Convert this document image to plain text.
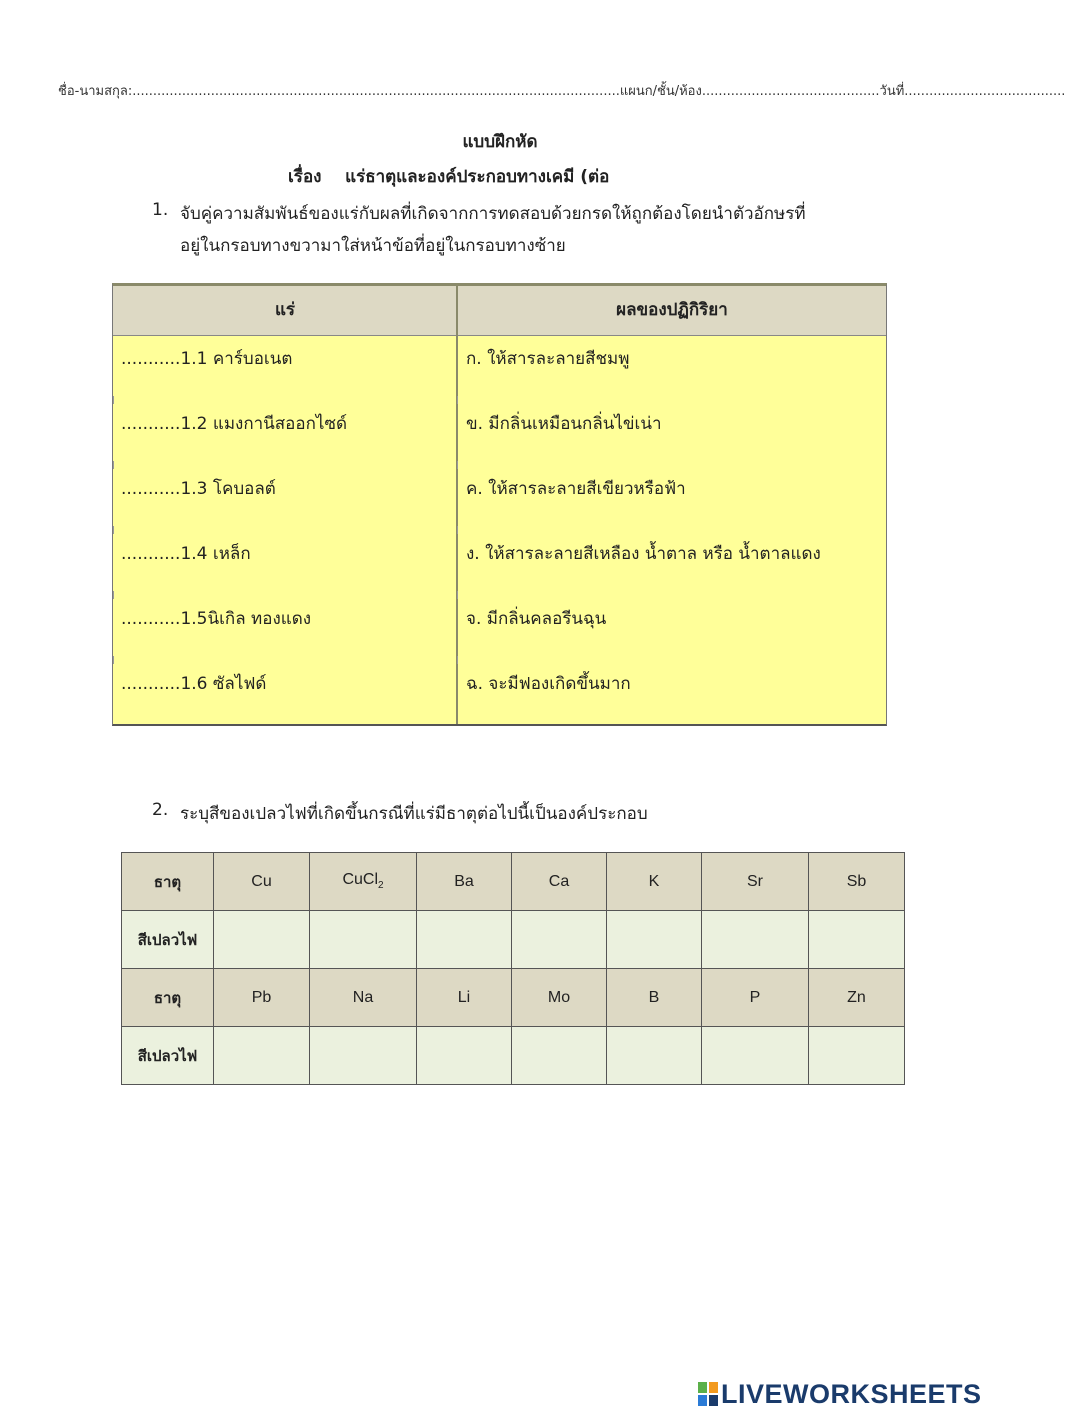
ชื่อ-นามสกุล:......................................................................................................................แผนก/ชั้น/ห้อง...........................................วันที่.......................................
แบบฝึกหัด
เรื่อง    แร่ธาตุและองค์ประกอบทางเคมี (ต่อ
1. จับคู่ความสัมพันธ์ของแร่กับผลที่เกิดจากการทดสอบด้วยกรดให้ถูกต้องโดยนำตัวอักษรที่
อยู่ในกรอบทางขวามาใส่หน้าข้อที่อยู่ในกรอบทางซ้าย
แร่	ผลของปฏิกิริยา
...........1.1 คาร์บอเนต	ก. ให้สารละลายสีชมพู
...........1.2 แมงกานีสออกไซด์	ข. มีกลิ่นเหมือนกลิ่นไข่เน่า
...........1.3 โคบอลต์	ค. ให้สารละลายสีเขียวหรือฟ้า
...........1.4 เหล็ก	ง. ให้สารละลายสีเหลือง น้ำตาล หรือ น้ำตาลแดง
...........1.5นิเกิล ทองแดง	จ. มีกลิ่นคลอรีนฉุน
...........1.6 ซัลไฟด์	ฉ. จะมีฟองเกิดขึ้นมาก
2. ระบุสีของเปลวไฟที่เกิดขึ้นกรณีที่แร่มีธาตุต่อไปนี้เป็นองค์ประกอบ
ธาตุ	Cu	CuCl$_2$	Ba	Ca	K	Sr	Sb
สีเปลวไฟ							
ธาตุ	Pb	Na	Li	Mo	B	P	Zn
สีเปลวไฟ							
LIVEWORKSHEETS
